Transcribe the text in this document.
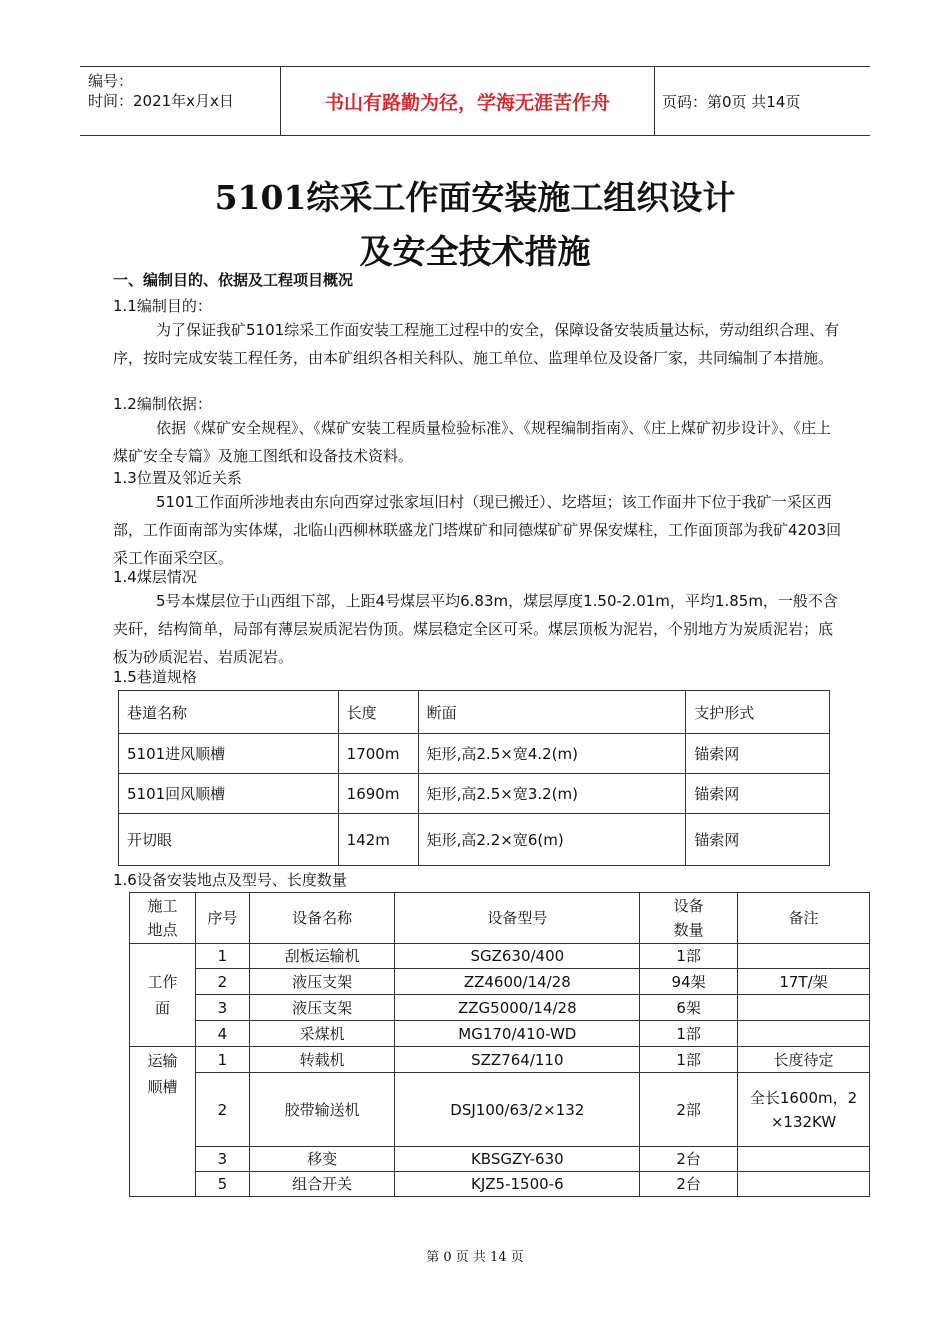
编号：
时间：2021年x月x日	书山有路勤为径，学海无涯苦作舟	页码：第0页 共14页
5101综采工作面安装施工组织设计
及安全技术措施
一、编制目的、依据及工程项目概况
1.1编制目的：
为了保证我矿5101综采工作面安装工程施工过程中的安全，保障设备安装质量达标，劳动组织合理、有序，按时完成安装工程任务，由本矿组织各相关科队、施工单位、监理单位及设备厂家，共同编制了本措施。
1.2编制依据：
依据《煤矿安全规程》、《煤矿安装工程质量检验标准》、《规程编制指南》、《庄上煤矿初步设计》、《庄上煤矿安全专篇》及施工图纸和设备技术资料。
1.3位置及邻近关系
5101工作面所涉地表由东向西穿过张家垣旧村（现已搬迁）、圪塔垣；该工作面井下位于我矿一采区西部，工作面南部为实体煤，北临山西柳林联盛龙门塔煤矿和同德煤矿矿界保安煤柱，工作面顶部为我矿4203回采工作面采空区。
1.4煤层情况
5号本煤层位于山西组下部，上距4号煤层平均6.83m，煤层厚度1.50-2.01m，平均1.85m，一般不含夹矸，结构简单，局部有薄层炭质泥岩伪顶。煤层稳定全区可采。煤层顶板为泥岩，个别地方为炭质泥岩；底板为砂质泥岩、岩质泥岩。
1.5巷道规格
巷道名称	长度	断面	支护形式
5101进风顺槽	1700m	矩形,高2.5×宽4.2(m)	锚索网
5101回风顺槽	1690m	矩形,高2.5×宽3.2(m)	锚索网
开切眼	142m	矩形,高2.2×宽6(m)	锚索网
1.6设备安装地点及型号、长度数量
施工地点	序号	设备名称	设备型号	设备数量	备注

工作面	1	刮板运输机	SGZ630/400	1部	
	2	液压支架	ZZ4600/14/28	94架	17T/架
	3	液压支架	ZZG5000/14/28	6架	
	4	采煤机	MG170/410-WD	1部	

运输顺槽	1	转载机	SZZ764/110	1部	长度待定
	2	胶带输送机	DSJ100/63/2×132	2部	全长1600m，2×132KW

	3	移变	KBSGZY-630	2台	
	5	组合开关	KJZ5-1500-6	2台	
第 0 页 共 14 页
